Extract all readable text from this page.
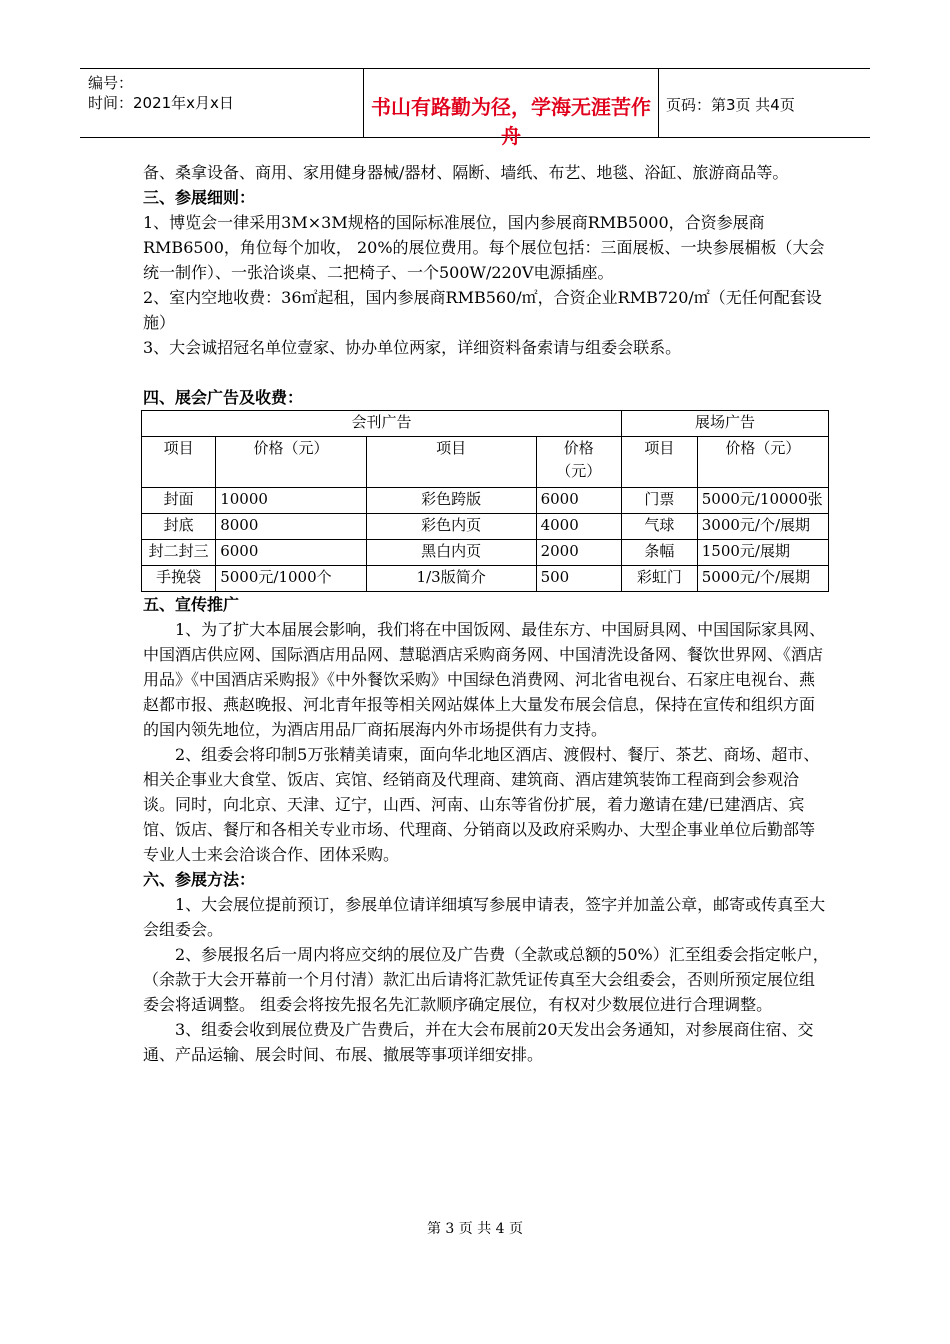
编号：
时间：2021年x月x日	书山有路勤为径，学海无涯苦作舟
页码：第3页 共4页

备、桑拿设备、商用、家用健身器械/器材、隔断、墙纸、布艺、地毯、浴缸、旅游商品等。

三、参展细则：

1、博览会一律采用3M×3M规格的国际标准展位，国内参展商RMB5000，合资参展商RMB6500，角位每个加收， 20%的展位费用。每个展位包括：三面展板、一块参展楣板（大会统一制作）、一张洽谈桌、二把椅子、一个500W/220V电源插座。

2、室内空地收费：36㎡起租，国内参展商RMB560/㎡，合资企业RMB720/㎡（无任何配套设施）

3、大会诚招冠名单位壹家、协办单位两家，详细资料备索请与组委会联系。

四、展会广告及收费：

会刊广告				展场广告	
项目	价格（元）	项目	价格（元）	项目	价格（元）
封面	10000	彩色跨版	6000	门票	5000元/10000张
封底	8000	彩色内页	4000	气球	3000元/个/展期
封二封三	6000	黑白内页	2000	条幅	1500元/展期
手挽袋	5000元/1000个	1/3版简介	500	彩虹门	5000元/个/展期

五、宣传推广

1、为了扩大本届展会影响，我们将在中国饭网、最佳东方、中国厨具网、中国国际家具网、中国酒店供应网、国际酒店用品网、慧聪酒店采购商务网、中国清洗设备网、餐饮世界网、《酒店用品》《中国酒店采购报》《中外餐饮采购》中国绿色消费网、河北省电视台、石家庄电视台、燕赵都市报、燕赵晚报、河北青年报等相关网站媒体上大量发布展会信息，保持在宣传和组织方面的国内领先地位，为酒店用品厂商拓展海内外市场提供有力支持。

2、组委会将印制5万张精美请柬，面向华北地区酒店、渡假村、餐厅、茶艺、商场、超市、相关企事业大食堂、饭店、宾馆、经销商及代理商、建筑商、酒店建筑装饰工程商到会参观洽谈。同时，向北京、天津、辽宁，山西、河南、山东等省份扩展，着力邀请在建/已建酒店、宾馆、饭店、餐厅和各相关专业市场、代理商、分销商以及政府采购办、大型企事业单位后勤部等专业人士来会洽谈合作、团体采购。

六、参展方法：

1、大会展位提前预订，参展单位请详细填写参展申请表，签字并加盖公章，邮寄或传真至大会组委会。

2、参展报名后一周内将应交纳的展位及广告费（全款或总额的50%）汇至组委会指定帐户，（余款于大会开幕前一个月付清）款汇出后请将汇款凭证传真至大会组委会，否则所预定展位组委会将适调整。 组委会将按先报名先汇款顺序确定展位，有权对少数展位进行合理调整。

3、组委会收到展位费及广告费后，并在大会布展前20天发出会务通知，对参展商住宿、交通、产品运输、展会时间、布展、撤展等事项详细安排。

第 3 页 共 4 页
